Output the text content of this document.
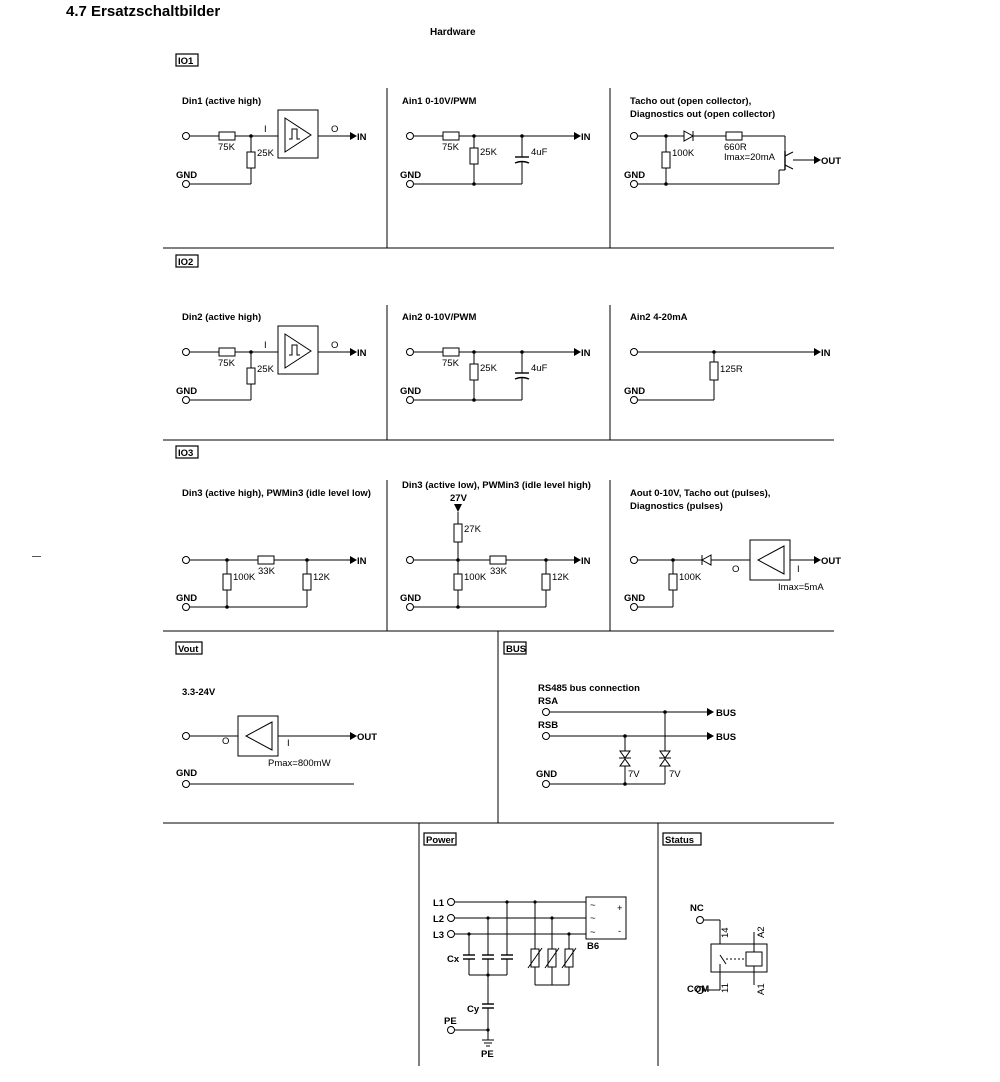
4.7 Ersatzschaltbilder
Hardware
IO1
IO2
IO3
Vout	BUS
Power	Status
Din1 (active high)
75K
25K
I
GND
O
IN
Ain1 0-10V/PWM
IN
75K 25K	4uF
GND
Tacho out (open collector),
Diagnostics out (open collector)
660R
Imax=20mA
100K
OUT
GND
Din2 (active high)
75K
25K
I
GND
O
IN
Ain2 0-10V/PWM
IN
75K 25K	4uF
GND
Ain2 4-20mA
IN
125R
GND
Din3 (active high), PWMin3 (idle level low)
IN
33K
100K	12K
GND
Din3 (active low), PWMin3 (idle level high)
27V
27K
IN
33K
100K	12K
GND
Aout 0-10V, Tacho out (pulses),
Diagnostics (pulses)
O
OUT
I
Imax=5mA
100K
GND
3.3-24V
O	OUT
I
Pmax=800mW
GND
RS485 bus connection
RSA
BUS
RSB
BUS
7V	7V
GND
L1
L2
L3
~
~
~
+
-
B6
Cx
Cy
PE
PE
NC
COM
14
11
A2
A1
